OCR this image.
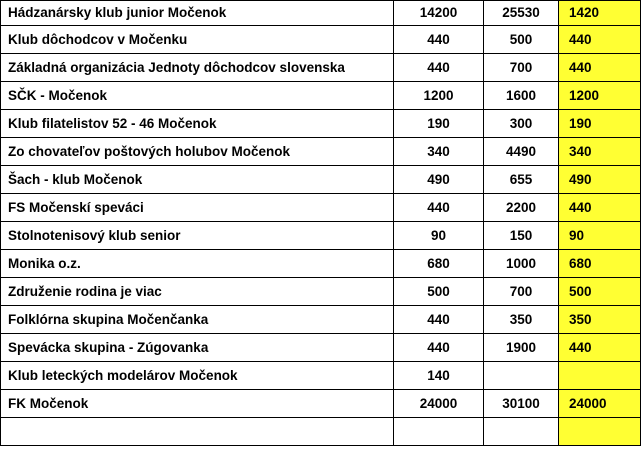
Hádzanársky klub junior Močenok	14200	25530	1420
Klub dôchodcov v Močenku	440	500	440
Základná organizácia Jednoty dôchodcov slovenska	440	700	440
SČK - Močenok	1200	1600	1200
Klub filatelistov 52 - 46 Močenok	190	300	190
Zo chovateľov poštových holubov Močenok	340	4490	340
Šach - klub Močenok	490	655	490
FS Močenskí speváci	440	2200	440
Stolnotenisový klub senior	90	150	90
Monika o.z.	680	1000	680
Združenie rodina je viac	500	700	500
Folklórna skupina Močenčanka	440	350	350
Spevácka skupina - Zúgovanka	440	1900	440
Klub leteckých modelárov Močenok	140		
FK Močenok	24000	30100	24000
